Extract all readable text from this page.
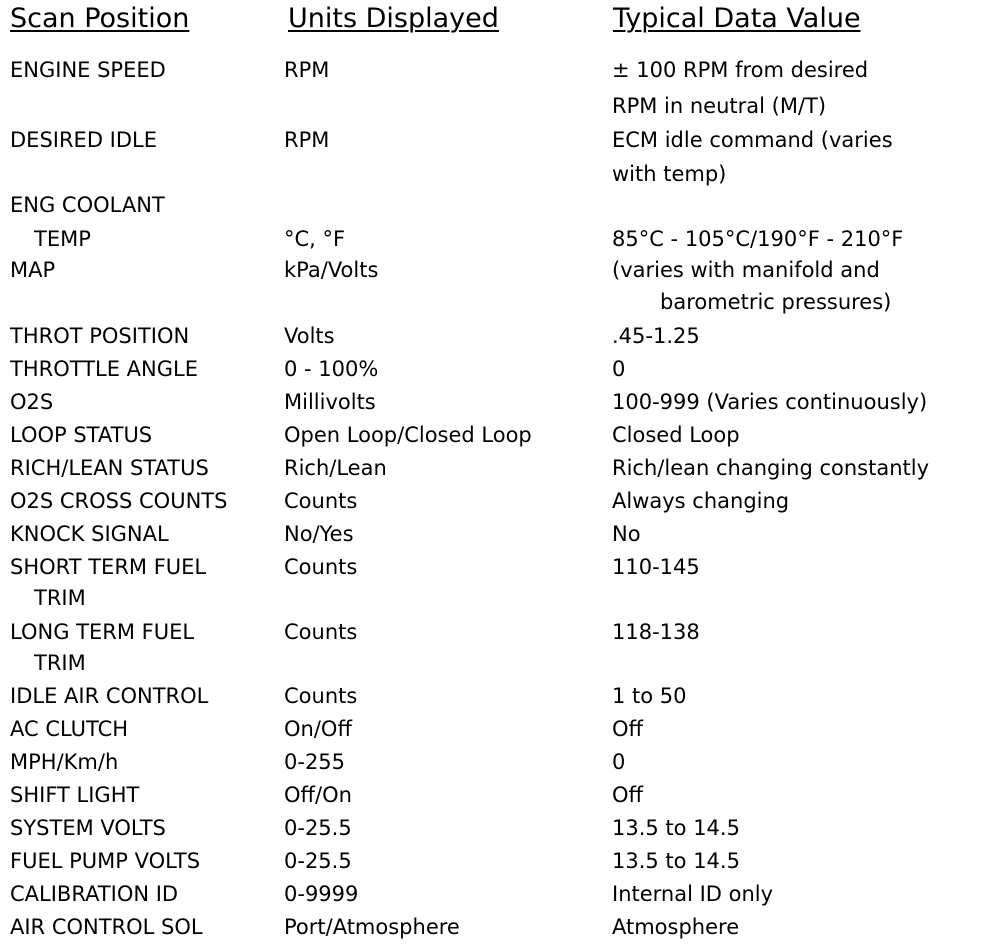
Scan Position	Units Displayed	Typical Data Value
ENGINE SPEED	RPM	± 100 RPM from desired
RPM in neutral (M/T)
DESIRED IDLE	RPM	ECM idle command (varies
with temp)
ENG COOLANT
TEMP	°C, °F	85°C - 105°C/190°F - 210°F
MAP	kPa/Volts	(varies with manifold and
barometric pressures)
THROT POSITION	Volts	.45-1.25
THROTTLE ANGLE	0 - 100%	0
O2S	Millivolts	100-999 (Varies continuously)
LOOP STATUS	Open Loop/Closed Loop	Closed Loop
RICH/LEAN STATUS	Rich/Lean	Rich/lean changing constantly
O2S CROSS COUNTS	Counts	Always changing
KNOCK SIGNAL	No/Yes	No
SHORT TERM FUEL	Counts	110-145
TRIM
LONG TERM FUEL	Counts	118-138
TRIM
IDLE AIR CONTROL	Counts	1 to 50
AC CLUTCH	On/Off	Off
MPH/Km/h	0-255	0
SHIFT LIGHT	Off/On	Off
SYSTEM VOLTS	0-25.5	13.5 to 14.5
FUEL PUMP VOLTS	0-25.5	13.5 to 14.5
CALIBRATION ID	0-9999	Internal ID only
AIR CONTROL SOL	Port/Atmosphere	Atmosphere
